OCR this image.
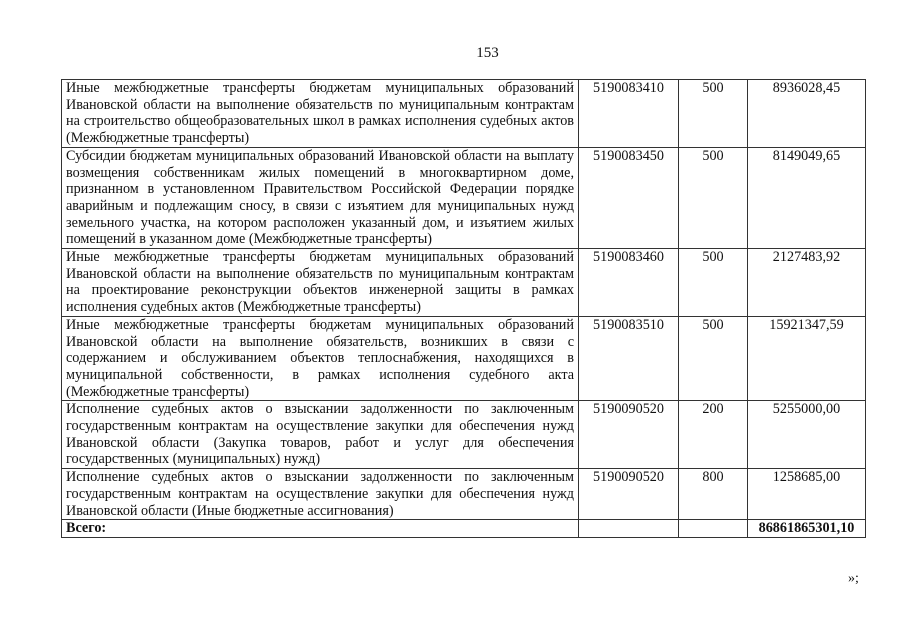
153
Иные межбюджетные трансферты бюджетам муниципальных образований Ивановской области на выполнение обязательств по муниципальным контрактам на строительство общеобразовательных школ в рамках исполнения судебных актов (Межбюджетные трансферты)	5190083410	500	8936028,45
Субсидии бюджетам муниципальных образований Ивановской области на выплату возмещения собственникам жилых помещений в многоквартирном доме, признанном в установленном Правительством Российской Федерации порядке аварийным и подлежащим сносу, в связи с изъятием для муниципальных нужд земельного участка, на котором расположен указанный дом, и изъятием жилых помещений в указанном доме (Межбюджетные трансферты)	5190083450	500	8149049,65
Иные межбюджетные трансферты бюджетам муниципальных образований Ивановской области на выполнение обязательств по муниципальным контрактам на проектирование реконструкции объектов инженерной защиты в рамках исполнения судебных актов (Межбюджетные трансферты)	5190083460	500	2127483,92
Иные межбюджетные трансферты бюджетам муниципальных образований Ивановской области на выполнение обязательств, возникших в связи с содержанием и обслуживанием объектов теплоснабжения, находящихся в муниципальной собственности, в рамках исполнения судебного акта (Межбюджетные трансферты)	5190083510	500	15921347,59
Исполнение судебных актов о взыскании задолженности по заключенным государственным контрактам на осуществление закупки для обеспечения нужд Ивановской области (Закупка товаров, работ и услуг для обеспечения государственных (муниципальных) нужд)	5190090520	200	5255000,00
Исполнение судебных актов о взыскании задолженности по заключенным государственным контрактам на осуществление закупки для обеспечения нужд Ивановской области (Иные бюджетные ассигнования)	5190090520	800	1258685,00
Всего:			86861865301,10
»;
